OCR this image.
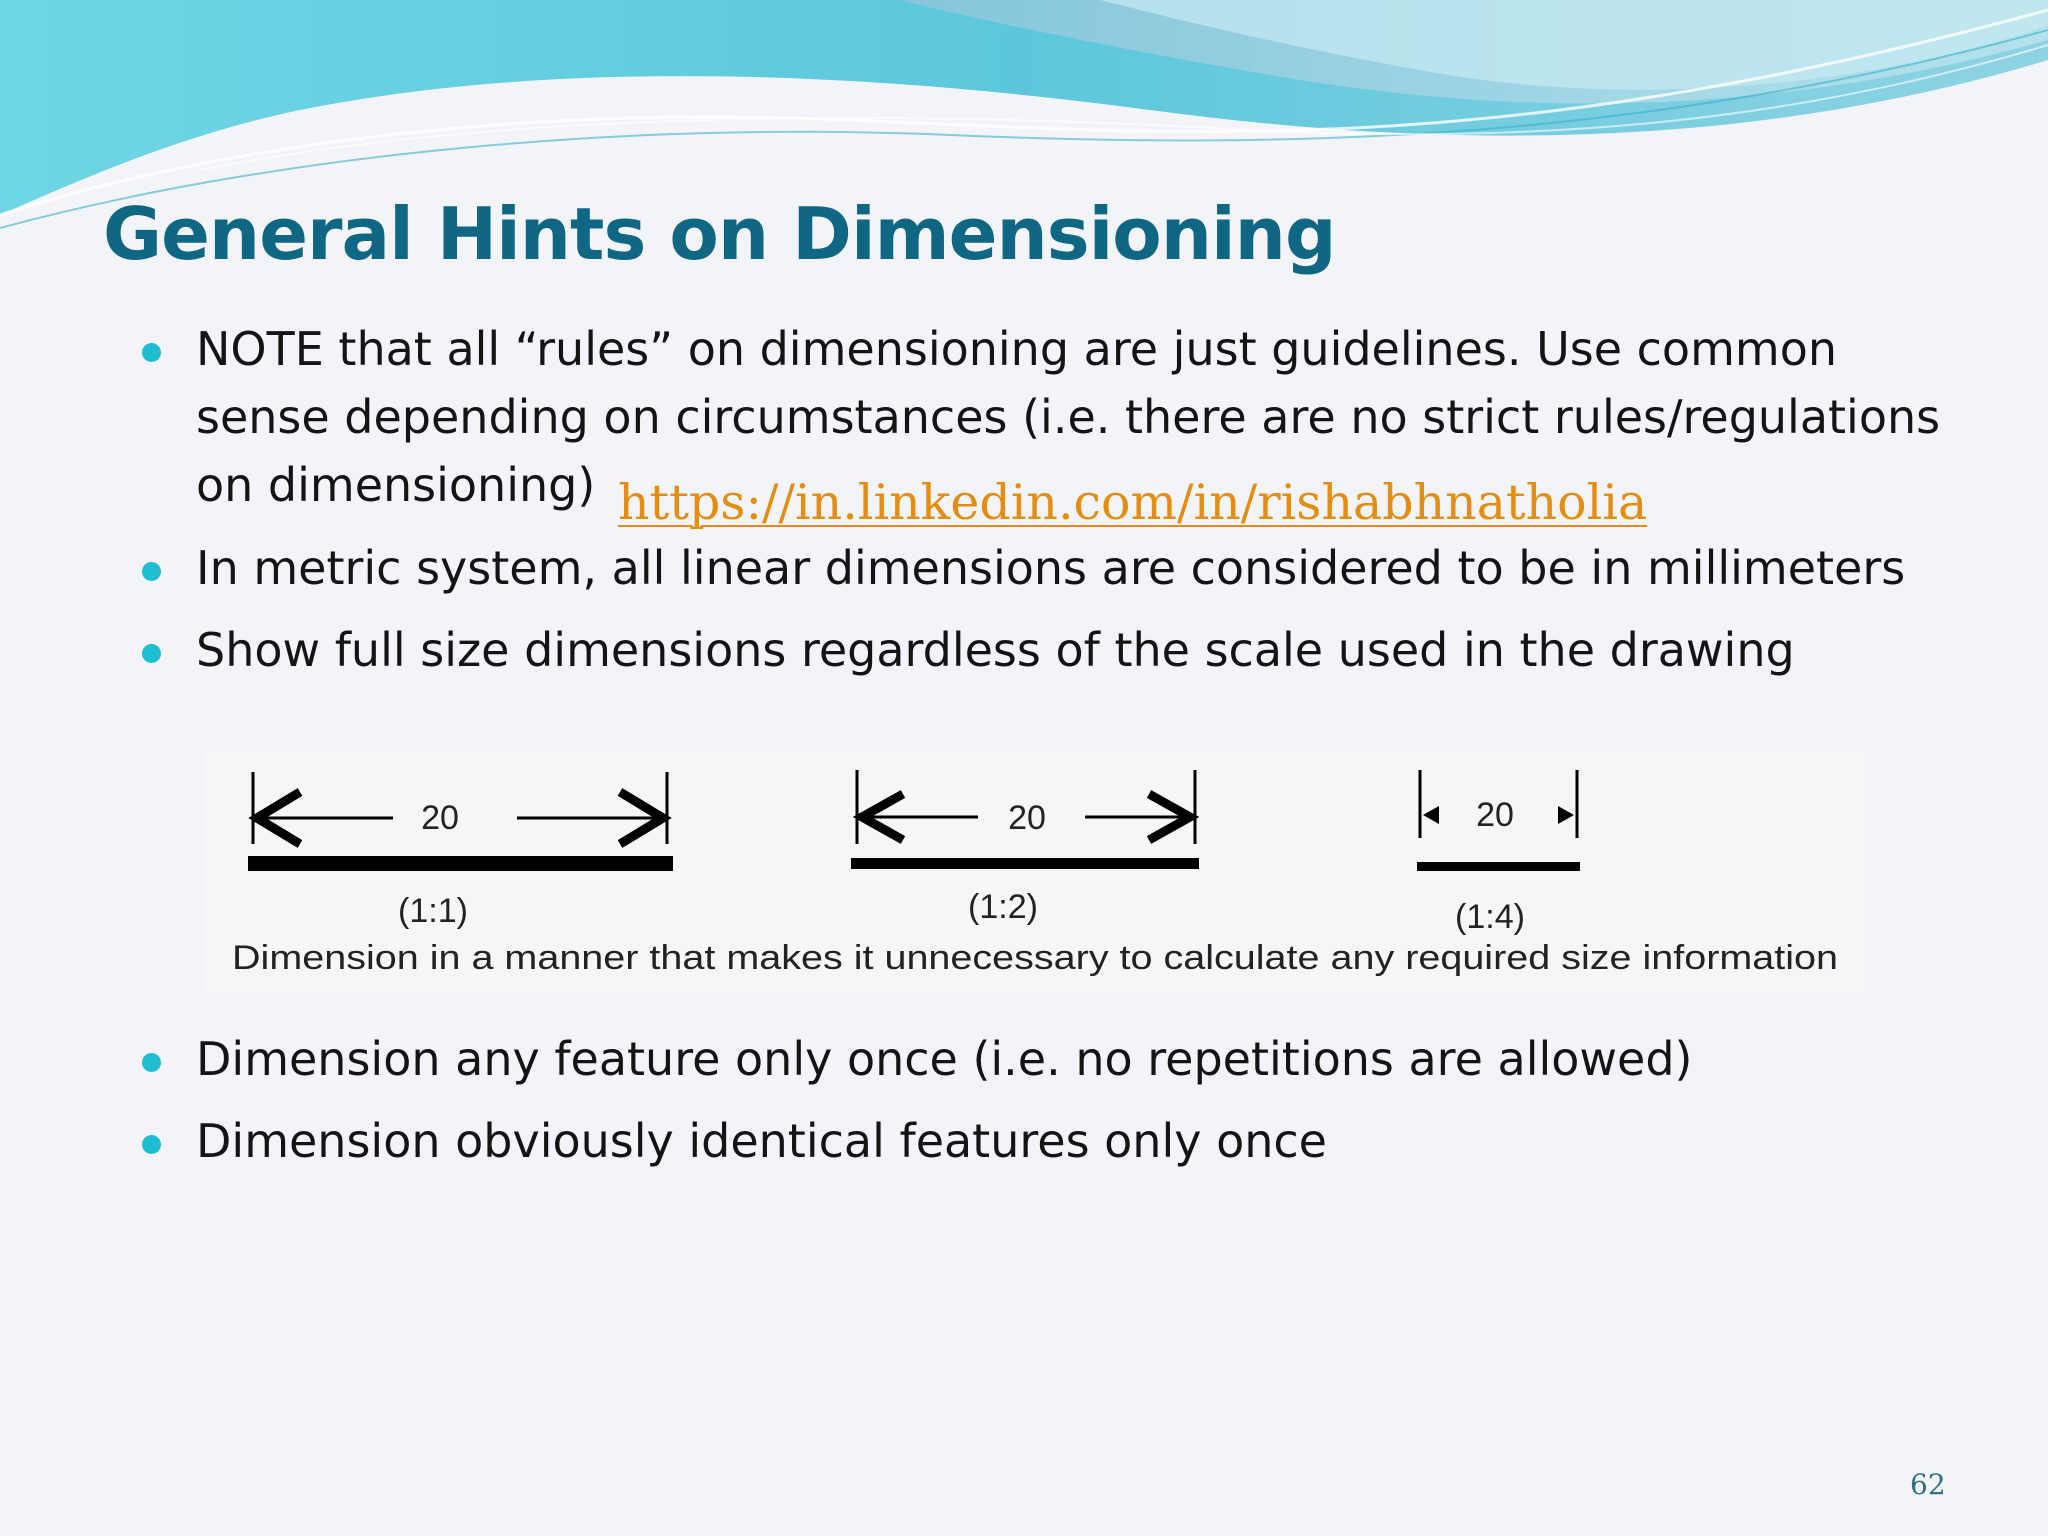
General Hints on Dimensioning

NOTE that all “rules” on dimensioning are just guidelines. Use common

sense depending on circumstances (i.e. there are no strict rules/regulations

on dimensioning) https://in.linkedin.com/in/rishabhnatholia

In metric system, all linear dimensions are considered to be in millimeters

Show full size dimensions regardless of the scale used in the drawing

20
(1:1)
20
(1:2)
20
(1:4)
Dimension in a manner that makes it unnecessary to calculate any required size information

Dimension any feature only once (i.e. no repetitions are allowed)

Dimension obviously identical features only once

62
